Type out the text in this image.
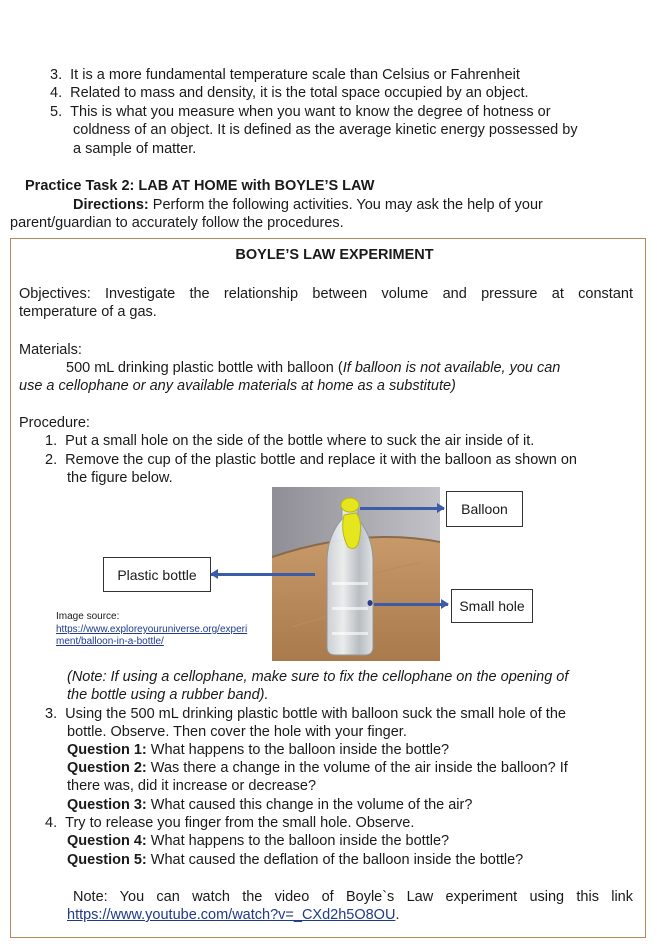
3. It is a more fundamental temperature scale than Celsius or Fahrenheit
4. Related to mass and density, it is the total space occupied by an object.
5. This is what you measure when you want to know the degree of hotness or
coldness of an object. It is defined as the average kinetic energy possessed by
a sample of matter.
Practice Task 2: LAB AT HOME with BOYLE’S LAW
Directions: Perform the following activities. You may ask the help of your
parent/guardian to accurately follow the procedures.
BOYLE’S LAW EXPERIMENT
Objectives: Investigate the relationship between volume and pressure at constant
temperature of a gas.
Materials:
500 mL drinking plastic bottle with balloon (If balloon is not available, you can
use a cellophane or any available materials at home as a substitute)
Procedure:
1. Put a small hole on the side of the bottle where to suck the air inside of it.
2. Remove the cup of the plastic bottle and replace it with the balloon as shown on
the figure below.
Balloon
Plastic bottle
Small hole
Image source:
https://www.exploreyouruniverse.org/experi
ment/balloon-in-a-bottle/
(Note: If using a cellophane, make sure to fix the cellophane on the opening of
the bottle using a rubber band).
3. Using the 500 mL drinking plastic bottle with balloon suck the small hole of the
bottle. Observe. Then cover the hole with your finger.
Question 1: What happens to the balloon inside the bottle?
Question 2: Was there a change in the volume of the air inside the balloon? If
there was, did it increase or decrease?
Question 3: What caused this change in the volume of the air?
4. Try to release you finger from the small hole. Observe.
Question 4: What happens to the balloon inside the bottle?
Question 5: What caused the deflation of the balloon inside the bottle?
Note: You can watch the video of Boyle`s Law experiment using this link
https://www.youtube.com/watch?v=_CXd2h5O8OU.
